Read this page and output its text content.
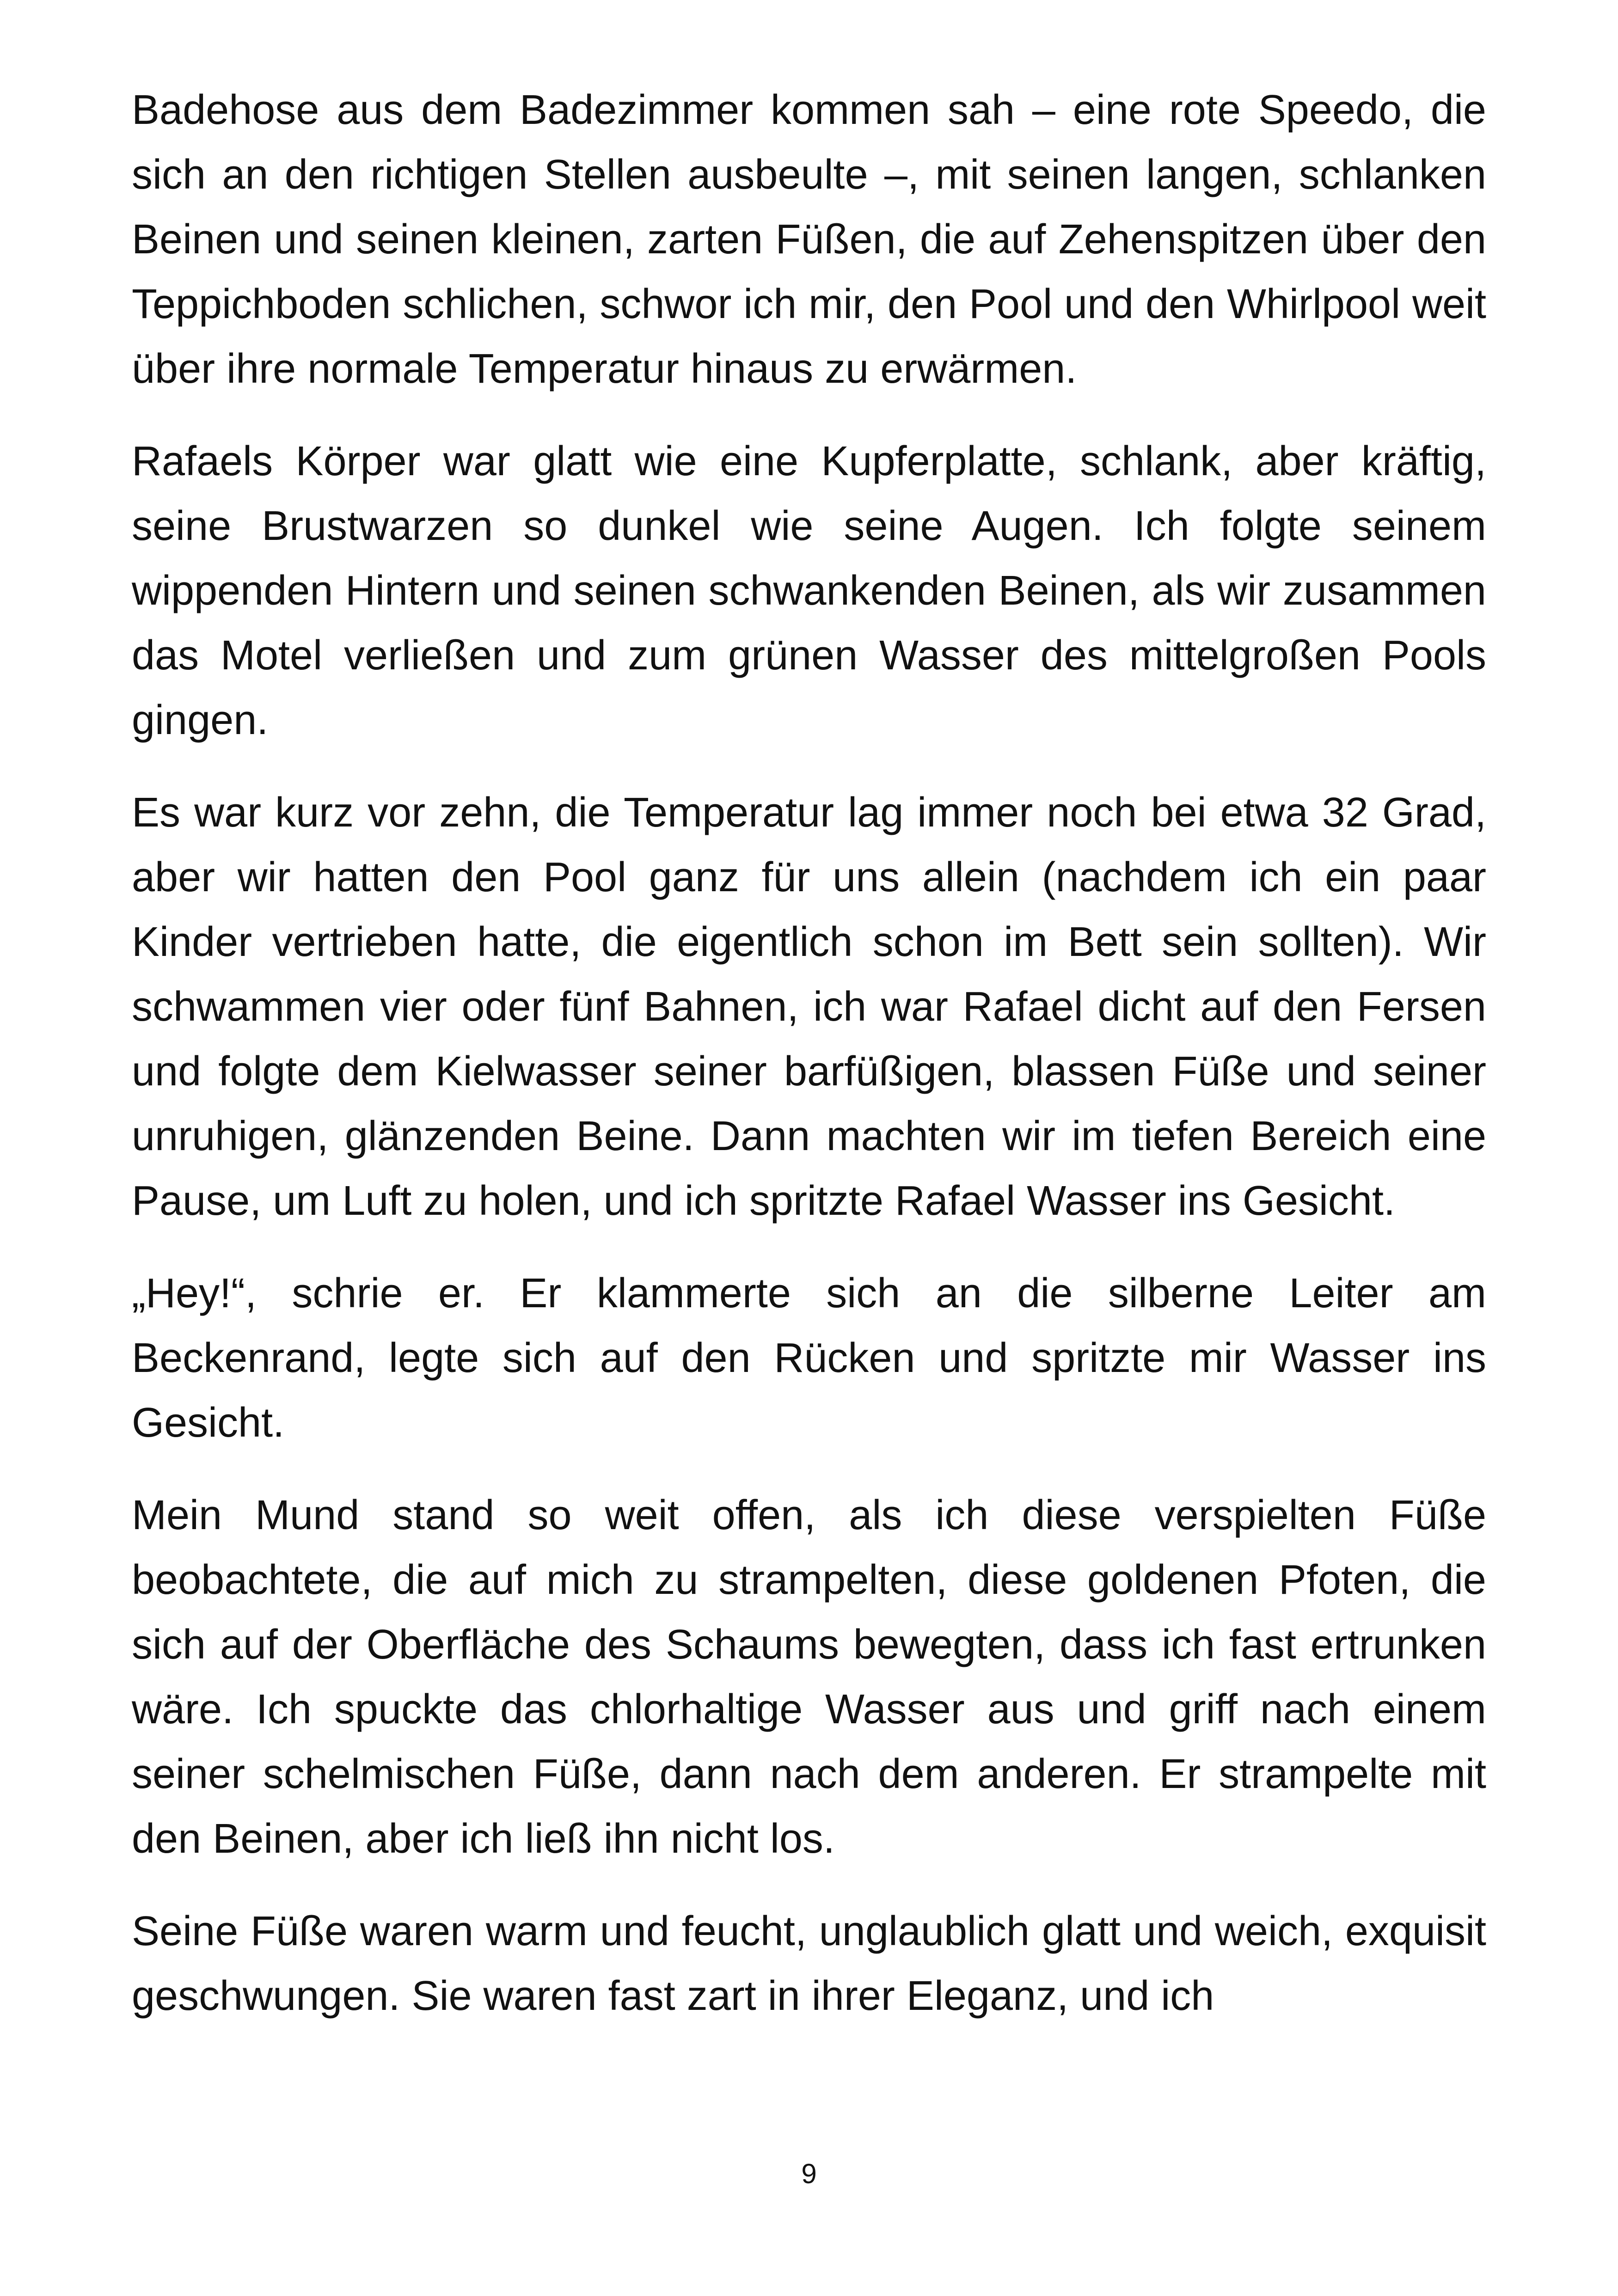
Badehose aus dem Badezimmer kommen sah – eine rote Speedo, die sich an den richtigen Stellen ausbeulte –, mit seinen langen, schlanken Beinen und seinen kleinen, zarten Füßen, die auf Zehenspitzen über den Teppichboden schlichen, schwor ich mir, den Pool und den Whirlpool weit über ihre normale Temperatur hinaus zu erwärmen.

Rafaels Körper war glatt wie eine Kupferplatte, schlank, aber kräftig, seine Brustwarzen so dunkel wie seine Augen. Ich folgte seinem wippenden Hintern und seinen schwankenden Beinen, als wir zusammen das Motel verließen und zum grünen Wasser des mittelgroßen Pools gingen.

Es war kurz vor zehn, die Temperatur lag immer noch bei etwa 32 Grad, aber wir hatten den Pool ganz für uns allein (nachdem ich ein paar Kinder vertrieben hatte, die eigentlich schon im Bett sein sollten). Wir schwammen vier oder fünf Bahnen, ich war Rafael dicht auf den Fersen und folgte dem Kielwasser seiner barfüßigen, blassen Füße und seiner unruhigen, glänzenden Beine. Dann machten wir im tiefen Bereich eine Pause, um Luft zu holen, und ich spritzte Rafael Wasser ins Gesicht.

„Hey!“, schrie er. Er klammerte sich an die silberne Leiter am Beckenrand, legte sich auf den Rücken und spritzte mir Wasser ins Gesicht.

Mein Mund stand so weit offen, als ich diese verspielten Füße beobachtete, die auf mich zu strampelten, diese goldenen Pfoten, die sich auf der Oberfläche des Schaums bewegten, dass ich fast ertrunken wäre. Ich spuckte das chlorhaltige Wasser aus und griff nach einem seiner schelmischen Füße, dann nach dem anderen. Er strampelte mit den Beinen, aber ich ließ ihn nicht los.

Seine Füße waren warm und feucht, unglaublich glatt und weich, exquisit geschwungen. Sie waren fast zart in ihrer Eleganz, und ich

9
